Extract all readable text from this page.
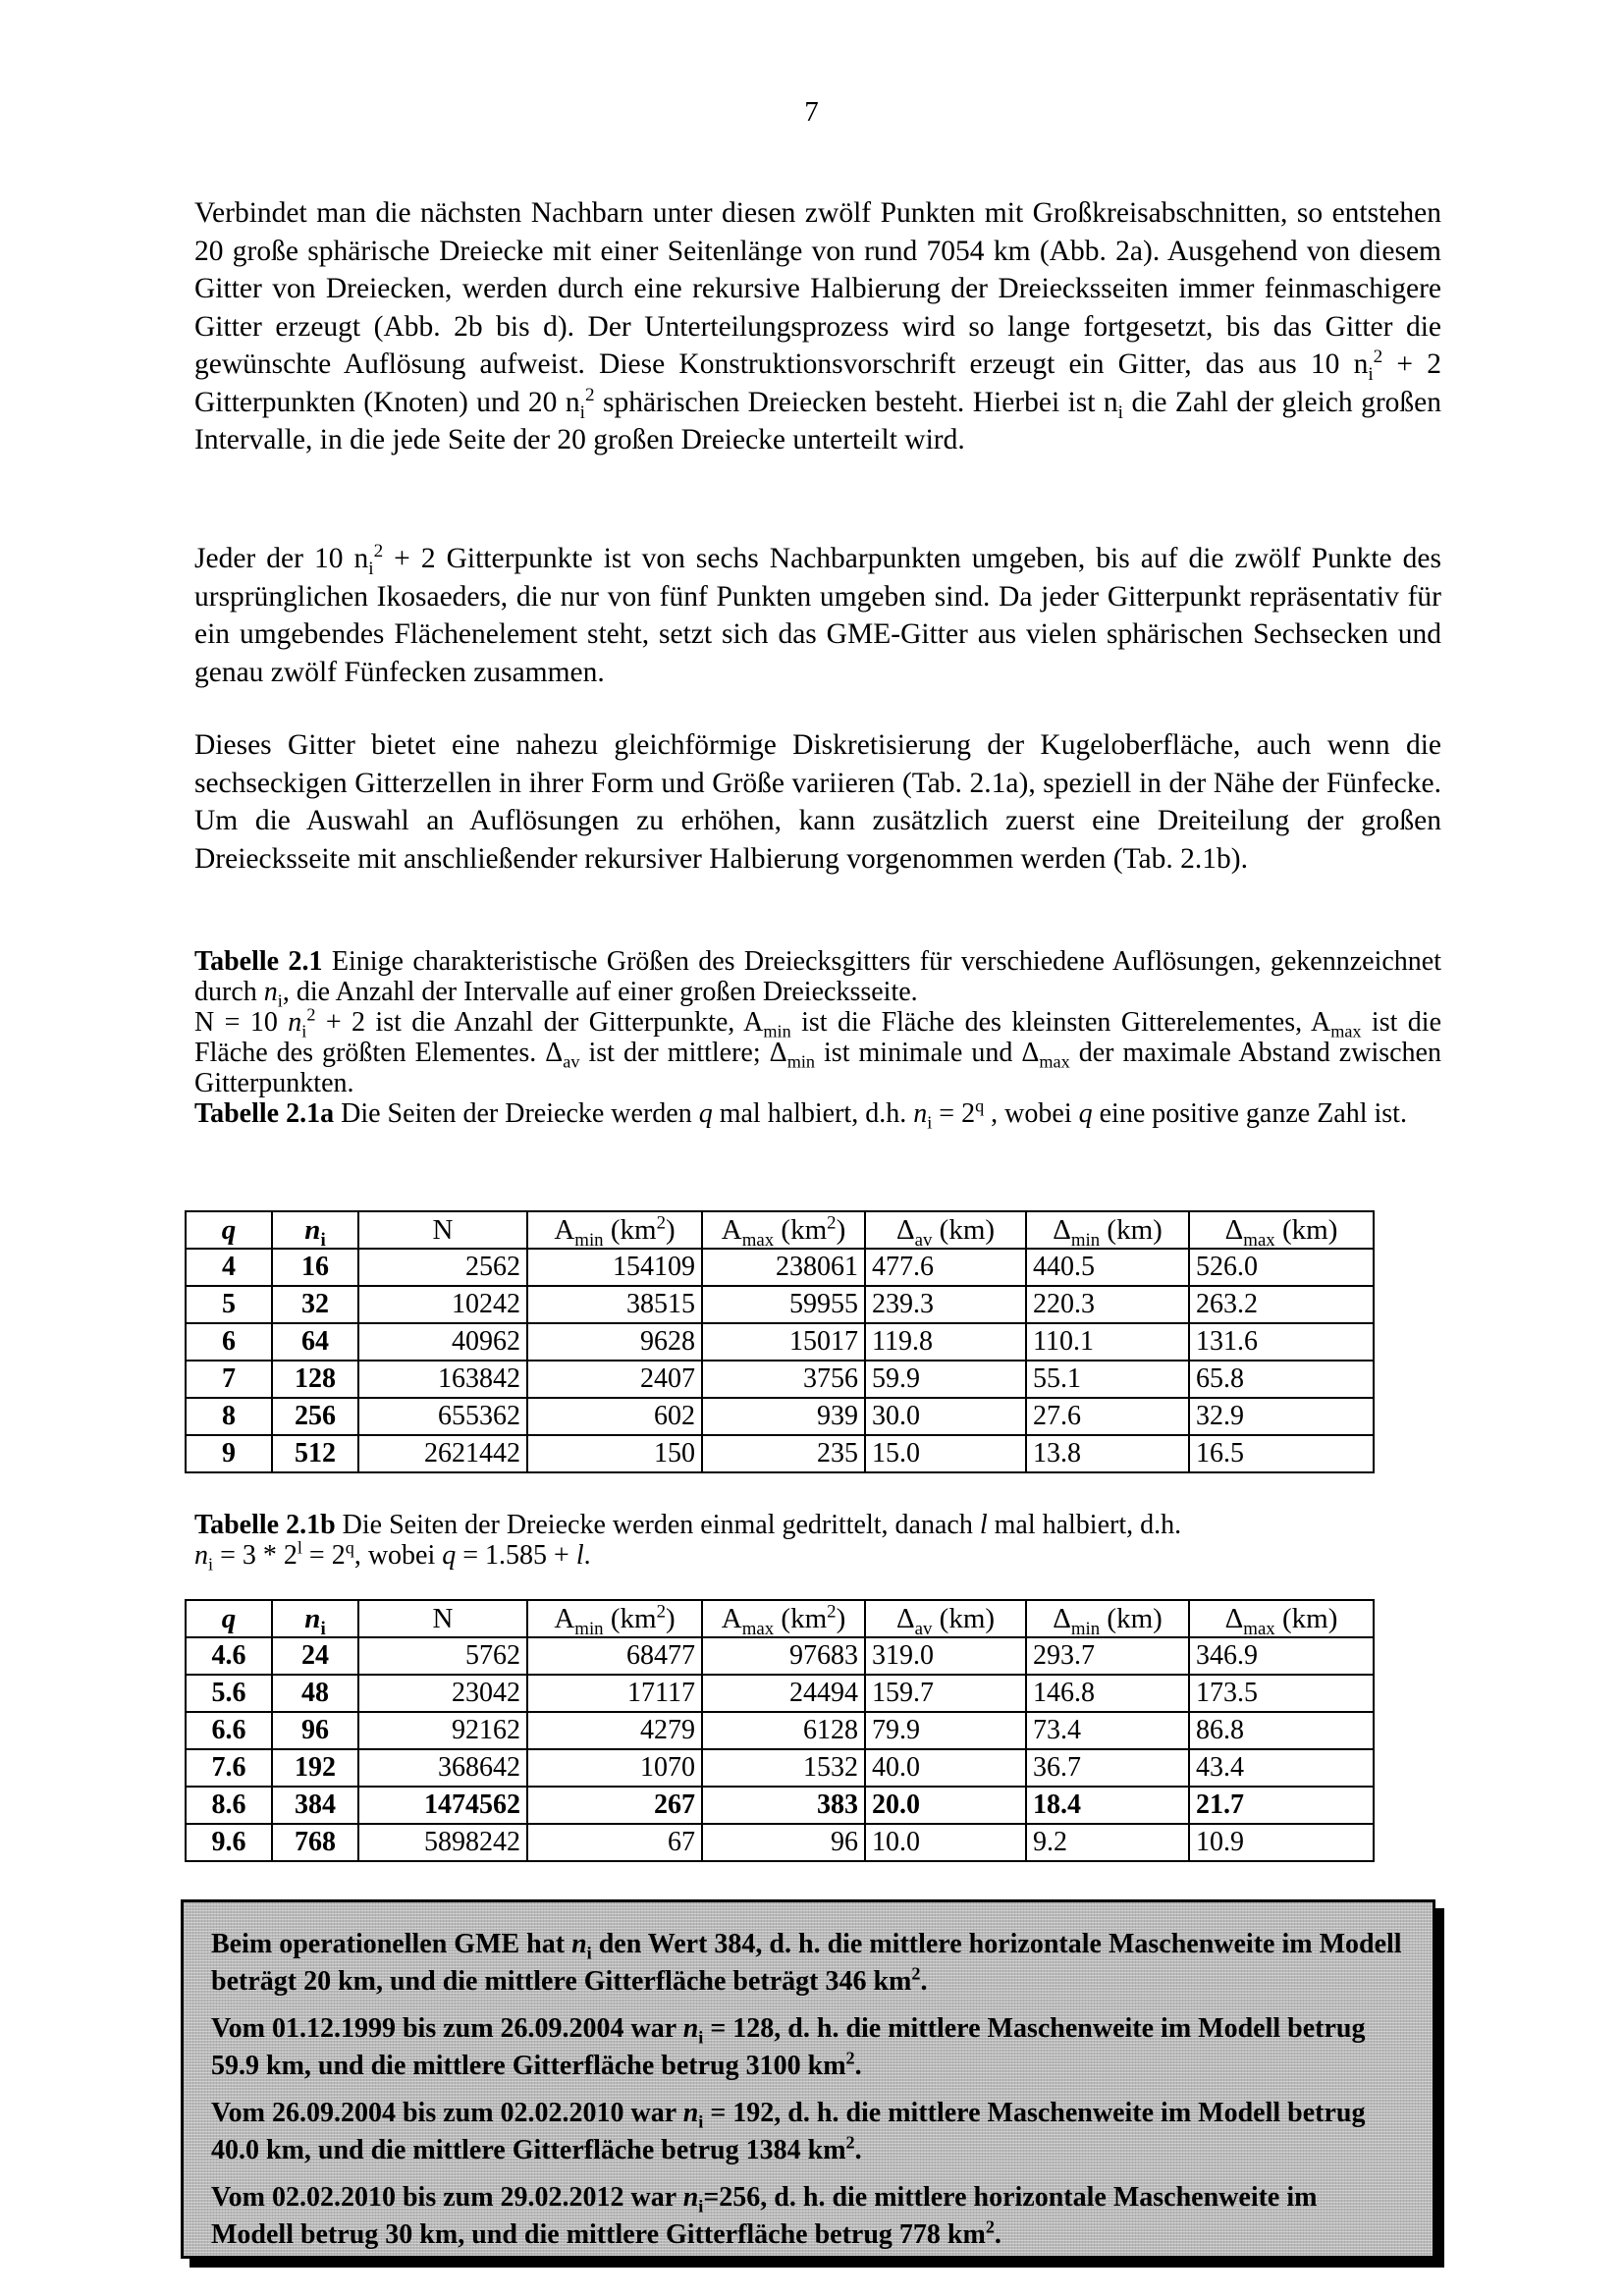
7

Verbindet man die nächsten Nachbarn unter diesen zwölf Punkten mit Großkreisabschnitten, so entstehen 20 große sphärische Dreiecke mit einer Seitenlänge von rund 7054 km (Abb. 2a). Ausgehend von diesem Gitter von Dreiecken, werden durch eine rekursive Halbierung der Dreiecksseiten immer feinmaschigere Gitter erzeugt (Abb. 2b bis d). Der Unterteilungsprozess wird so lange fortgesetzt, bis das Gitter die gewünschte Auflösung aufweist. Diese Konstruktionsvorschrift erzeugt ein Gitter, das aus 10 $n_i^2 + 2$ Gitterpunkten (Knoten) und 20 $n_i^2$ sphärischen Dreiecken besteht. Hierbei ist $n_i$ die Zahl der gleich großen Intervalle, in die jede Seite der 20 großen Dreiecke unterteilt wird.

Jeder der 10 $n_i^2 + 2$ Gitterpunkte ist von sechs Nachbarpunkten umgeben, bis auf die zwölf Punkte des ursprünglichen Ikosaeders, die nur von fünf Punkten umgeben sind. Da jeder Gitterpunkt repräsentativ für ein umgebendes Flächenelement steht, setzt sich das GME-Gitter aus vielen sphärischen Sechsecken und genau zwölf Fünfecken zusammen.

Dieses Gitter bietet eine nahezu gleichförmige Diskretisierung der Kugeloberfläche, auch wenn die sechseckigen Gitterzellen in ihrer Form und Größe variieren (Tab. 2.1a), speziell in der Nähe der Fünfecke. Um die Auswahl an Auflösungen zu erhöhen, kann zusätzlich zuerst eine Dreiteilung der großen Dreiecksseite mit anschließender rekursiver Halbierung vorgenommen werden (Tab. 2.1b).

Tabelle 2.1 Einige charakteristische Größen des Dreiecksgitters für verschiedene Auflösungen, gekennzeichnet durch $n_i$, die Anzahl der Intervalle auf einer großen Dreiecksseite.
N = 10 $n_i^2 + 2$ ist die Anzahl der Gitterpunkte, $A_{min}$ ist die Fläche des kleinsten Gitterelementes, $A_{max}$ ist die Fläche des größten Elementes. $\Delta_{av}$ ist der mittlere; $\Delta_{min}$ ist minimale und $\Delta_{max}$ der maximale Abstand zwischen Gitterpunkten.
Tabelle 2.1a Die Seiten der Dreiecke werden q mal halbiert, d.h. $n_i = 2^q$ , wobei q eine positive ganze Zahl ist.

q	$n_i$	N	$A_{min}$ $(km^2)$	$A_{max}$ $(km^2)$	$\Delta_{av}$ (km)	$\Delta_{min}$ (km)	$\Delta_{max}$ (km)
4	16	2562	154109	238061	477.6	440.5	526.0
5	32	10242	38515	59955	239.3	220.3	263.2
6	64	40962	9628	15017	119.8	110.1	131.6
7	128	163842	2407	3756	59.9	55.1	65.8
8	256	655362	602	939	30.0	27.6	32.9
9	512	2621442	150	235	15.0	13.8	16.5

Tabelle 2.1b Die Seiten der Dreiecke werden einmal gedrittelt, danach l mal halbiert, d.h.
$n_i = 3 * 2^l = 2^q$, wobei q = 1.585 + l.

q	$n_i$	N	$A_{min}$ $(km^2)$	$A_{max}$ $(km^2)$	$\Delta_{av}$ (km)	$\Delta_{min}$ (km)	$\Delta_{max}$ (km)
4.6	24	5762	68477	97683	319.0	293.7	346.9
5.6	48	23042	17117	24494	159.7	146.8	173.5
6.6	96	92162	4279	6128	79.9	73.4	86.8
7.6	192	368642	1070	1532	40.0	36.7	43.4
8.6	384	1474562	267	383	20.0	18.4	21.7
9.6	768	5898242	67	96	10.0	9.2	10.9

Beim operationellen GME hat $n_i$ den Wert 384, d. h. die mittlere horizontale Maschenweite im Modell beträgt 20 km, und die mittlere Gitterfläche beträgt 346 $km^2$.

Vom 01.12.1999 bis zum 26.09.2004 war $n_i = 128$, d. h. die mittlere Maschenweite im Modell betrug 59.9 km, und die mittlere Gitterfläche betrug 3100 $km^2$.

Vom 26.09.2004 bis zum 02.02.2010 war $n_i = 192$, d. h. die mittlere Maschenweite im Modell betrug 40.0 km, und die mittlere Gitterfläche betrug 1384 $km^2$.

Vom 02.02.2010 bis zum 29.02.2012 war $n_i=256$, d. h. die mittlere horizontale Maschenweite im Modell betrug 30 km, und die mittlere Gitterfläche betrug 778 $km^2$.
